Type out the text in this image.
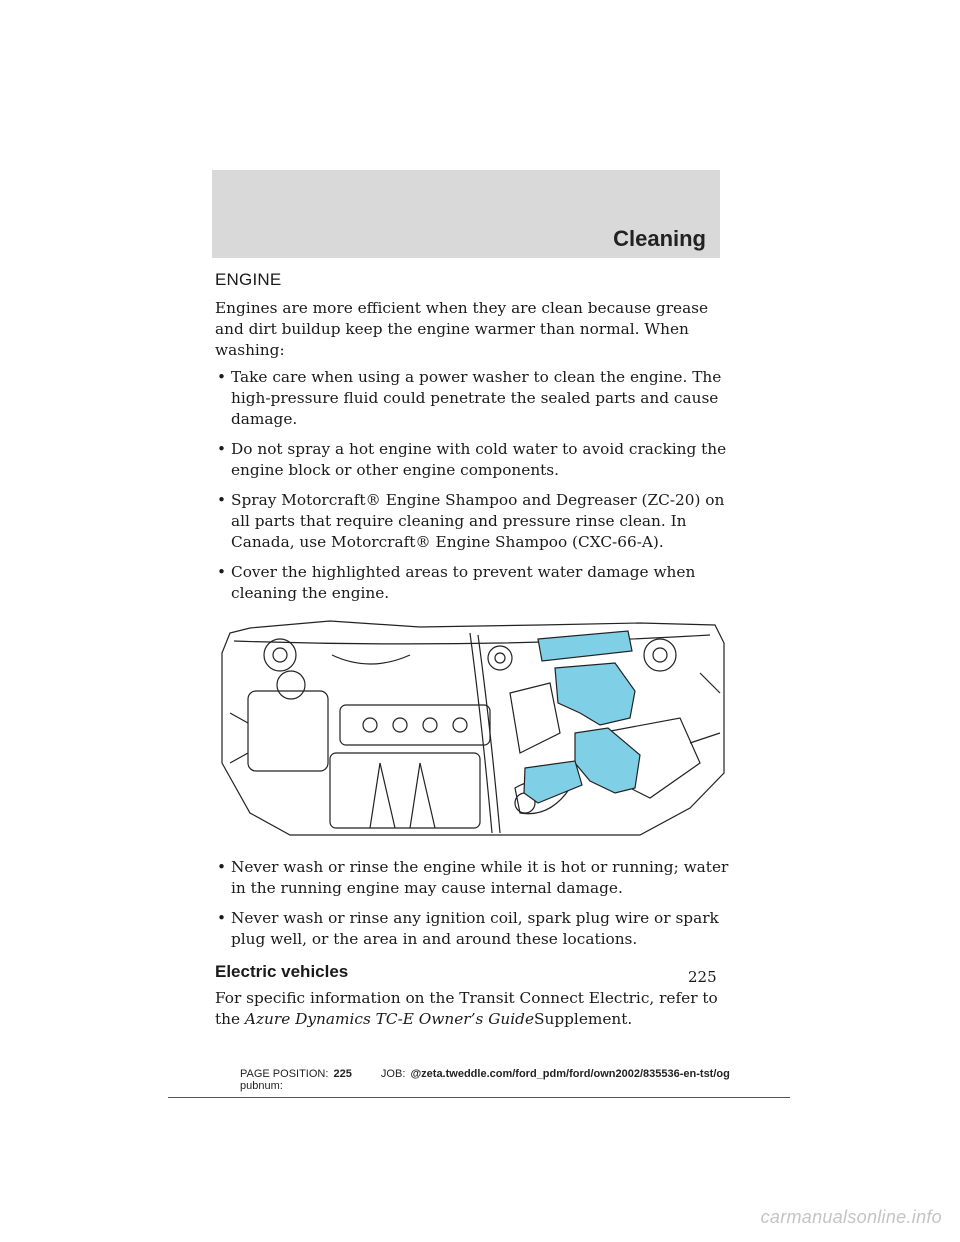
Cleaning
ENGINE

Engines are more efficient when they are clean because grease and dirt buildup keep the engine warmer than normal. When washing:

• Take care when using a power washer to clean the engine. The high-pressure fluid could penetrate the sealed parts and cause damage.
• Do not spray a hot engine with cold water to avoid cracking the engine block or other engine components.
• Spray Motorcraft® Engine Shampoo and Degreaser (ZC-20) on all parts that require cleaning and pressure rinse clean. In Canada, use Motorcraft® Engine Shampoo (CXC-66-A).
• Cover the highlighted areas to prevent water damage when cleaning the engine.
• Never wash or rinse the engine while it is hot or running; water in the running engine may cause internal damage.
• Never wash or rinse any ignition coil, spark plug wire or spark plug well, or the area in and around these locations.
Electric vehicles

For specific information on the Transit Connect Electric, refer to the Azure Dynamics TC-E Owner’s GuideSupplement.

225
PAGE POSITION: 225	JOB: @zeta.tweddle.com/ford_pdm/ford/own2002/835536-en-tst/og pubnum:
carmanualsonline.info
